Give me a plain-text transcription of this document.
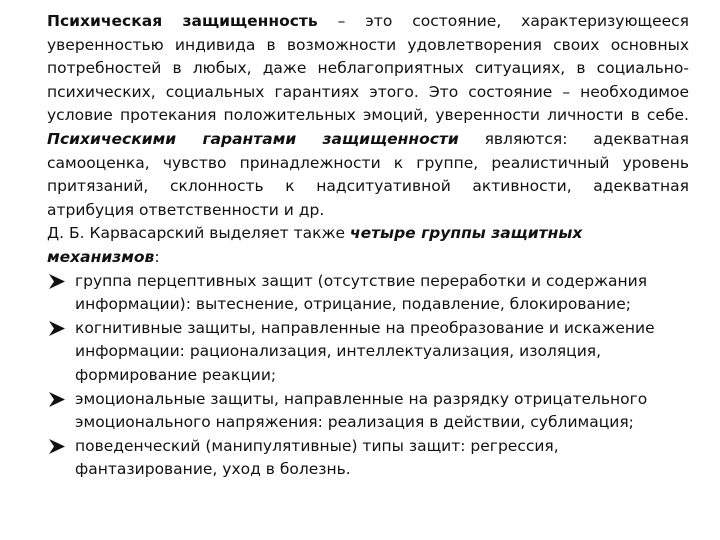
Психическая защищенность – это состояние, характеризующееся уверенностью индивида в возможности удовлетворения своих основных потребностей в любых, даже неблагоприятных ситуациях, в социально-психических, социальных гарантиях этого. Это состояние – необходимое условие протекания положительных эмоций, уверенности личности в себе. Психическими гарантами защищенности являются: адекватная самооценка, чувство принадлежности к группе, реалистичный уровень притязаний, склонность к надситуативной активности, адекватная атрибуция ответственности и др.

Д. Б. Карвасарский выделяет также четыре группы защитных механизмов:

группа перцептивных защит (отсутствие переработки и содержания информации): вытеснение, отрицание, подавление, блокирование;
когнитивные защиты, направленные на преобразование и искажение информации: рационализация, интеллектуализация, изоляция, формирование реакции;
эмоциональные защиты, направленные на разрядку отрицательного эмоционального напряжения: реализация в действии, сублимация;
поведенческий (манипулятивные) типы защит: регрессия, фантазирование, уход в болезнь.
